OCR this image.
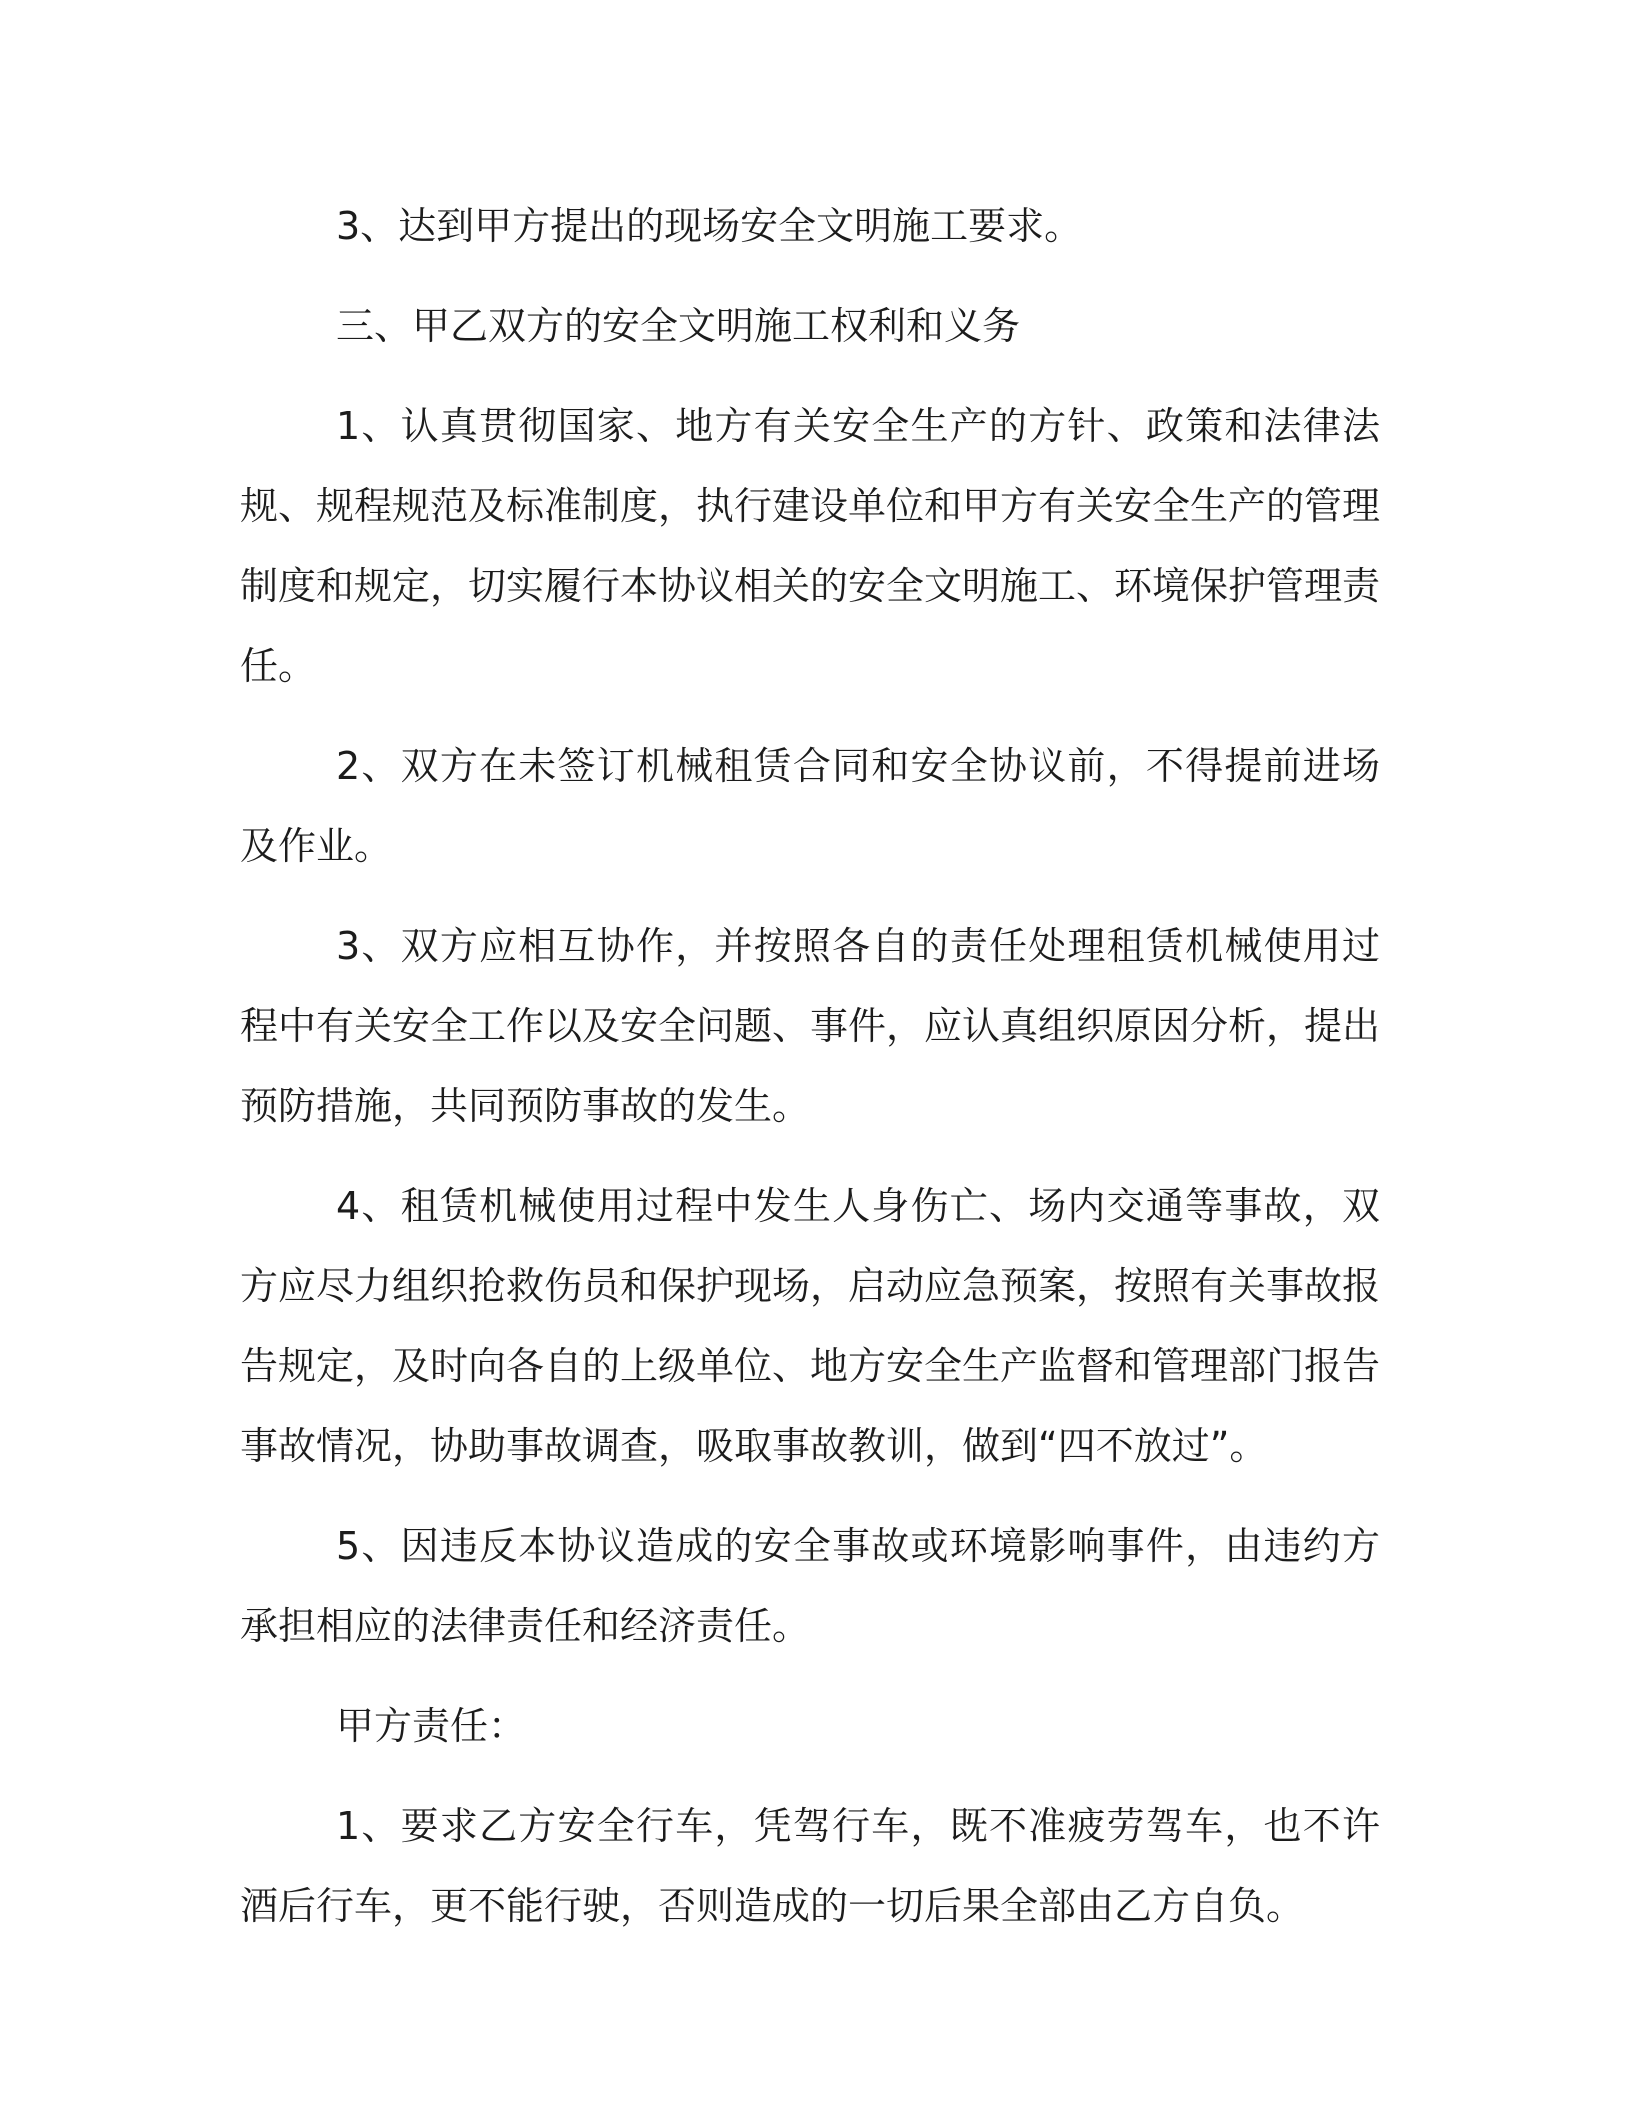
3、达到甲方提出的现场安全文明施工要求。

三、甲乙双方的安全文明施工权利和义务

1、认真贯彻国家、地方有关安全生产的方针、政策和法律法规、规程规范及标准制度，执行建设单位和甲方有关安全生产的管理制度和规定，切实履行本协议相关的安全文明施工、环境保护管理责任。

2、双方在未签订机械租赁合同和安全协议前，不得提前进场及作业。

3、双方应相互协作，并按照各自的责任处理租赁机械使用过程中有关安全工作以及安全问题、事件，应认真组织原因分析，提出预防措施，共同预防事故的发生。

4、租赁机械使用过程中发生人身伤亡、场内交通等事故，双方应尽力组织抢救伤员和保护现场，启动应急预案，按照有关事故报告规定，及时向各自的上级单位、地方安全生产监督和管理部门报告事故情况，协助事故调查，吸取事故教训，做到“四不放过”。

5、因违反本协议造成的安全事故或环境影响事件，由违约方承担相应的法律责任和经济责任。

甲方责任：

1、要求乙方安全行车，凭驾行车，既不准疲劳驾车，也不许酒后行车，更不能行驶，否则造成的一切后果全部由乙方自负。
